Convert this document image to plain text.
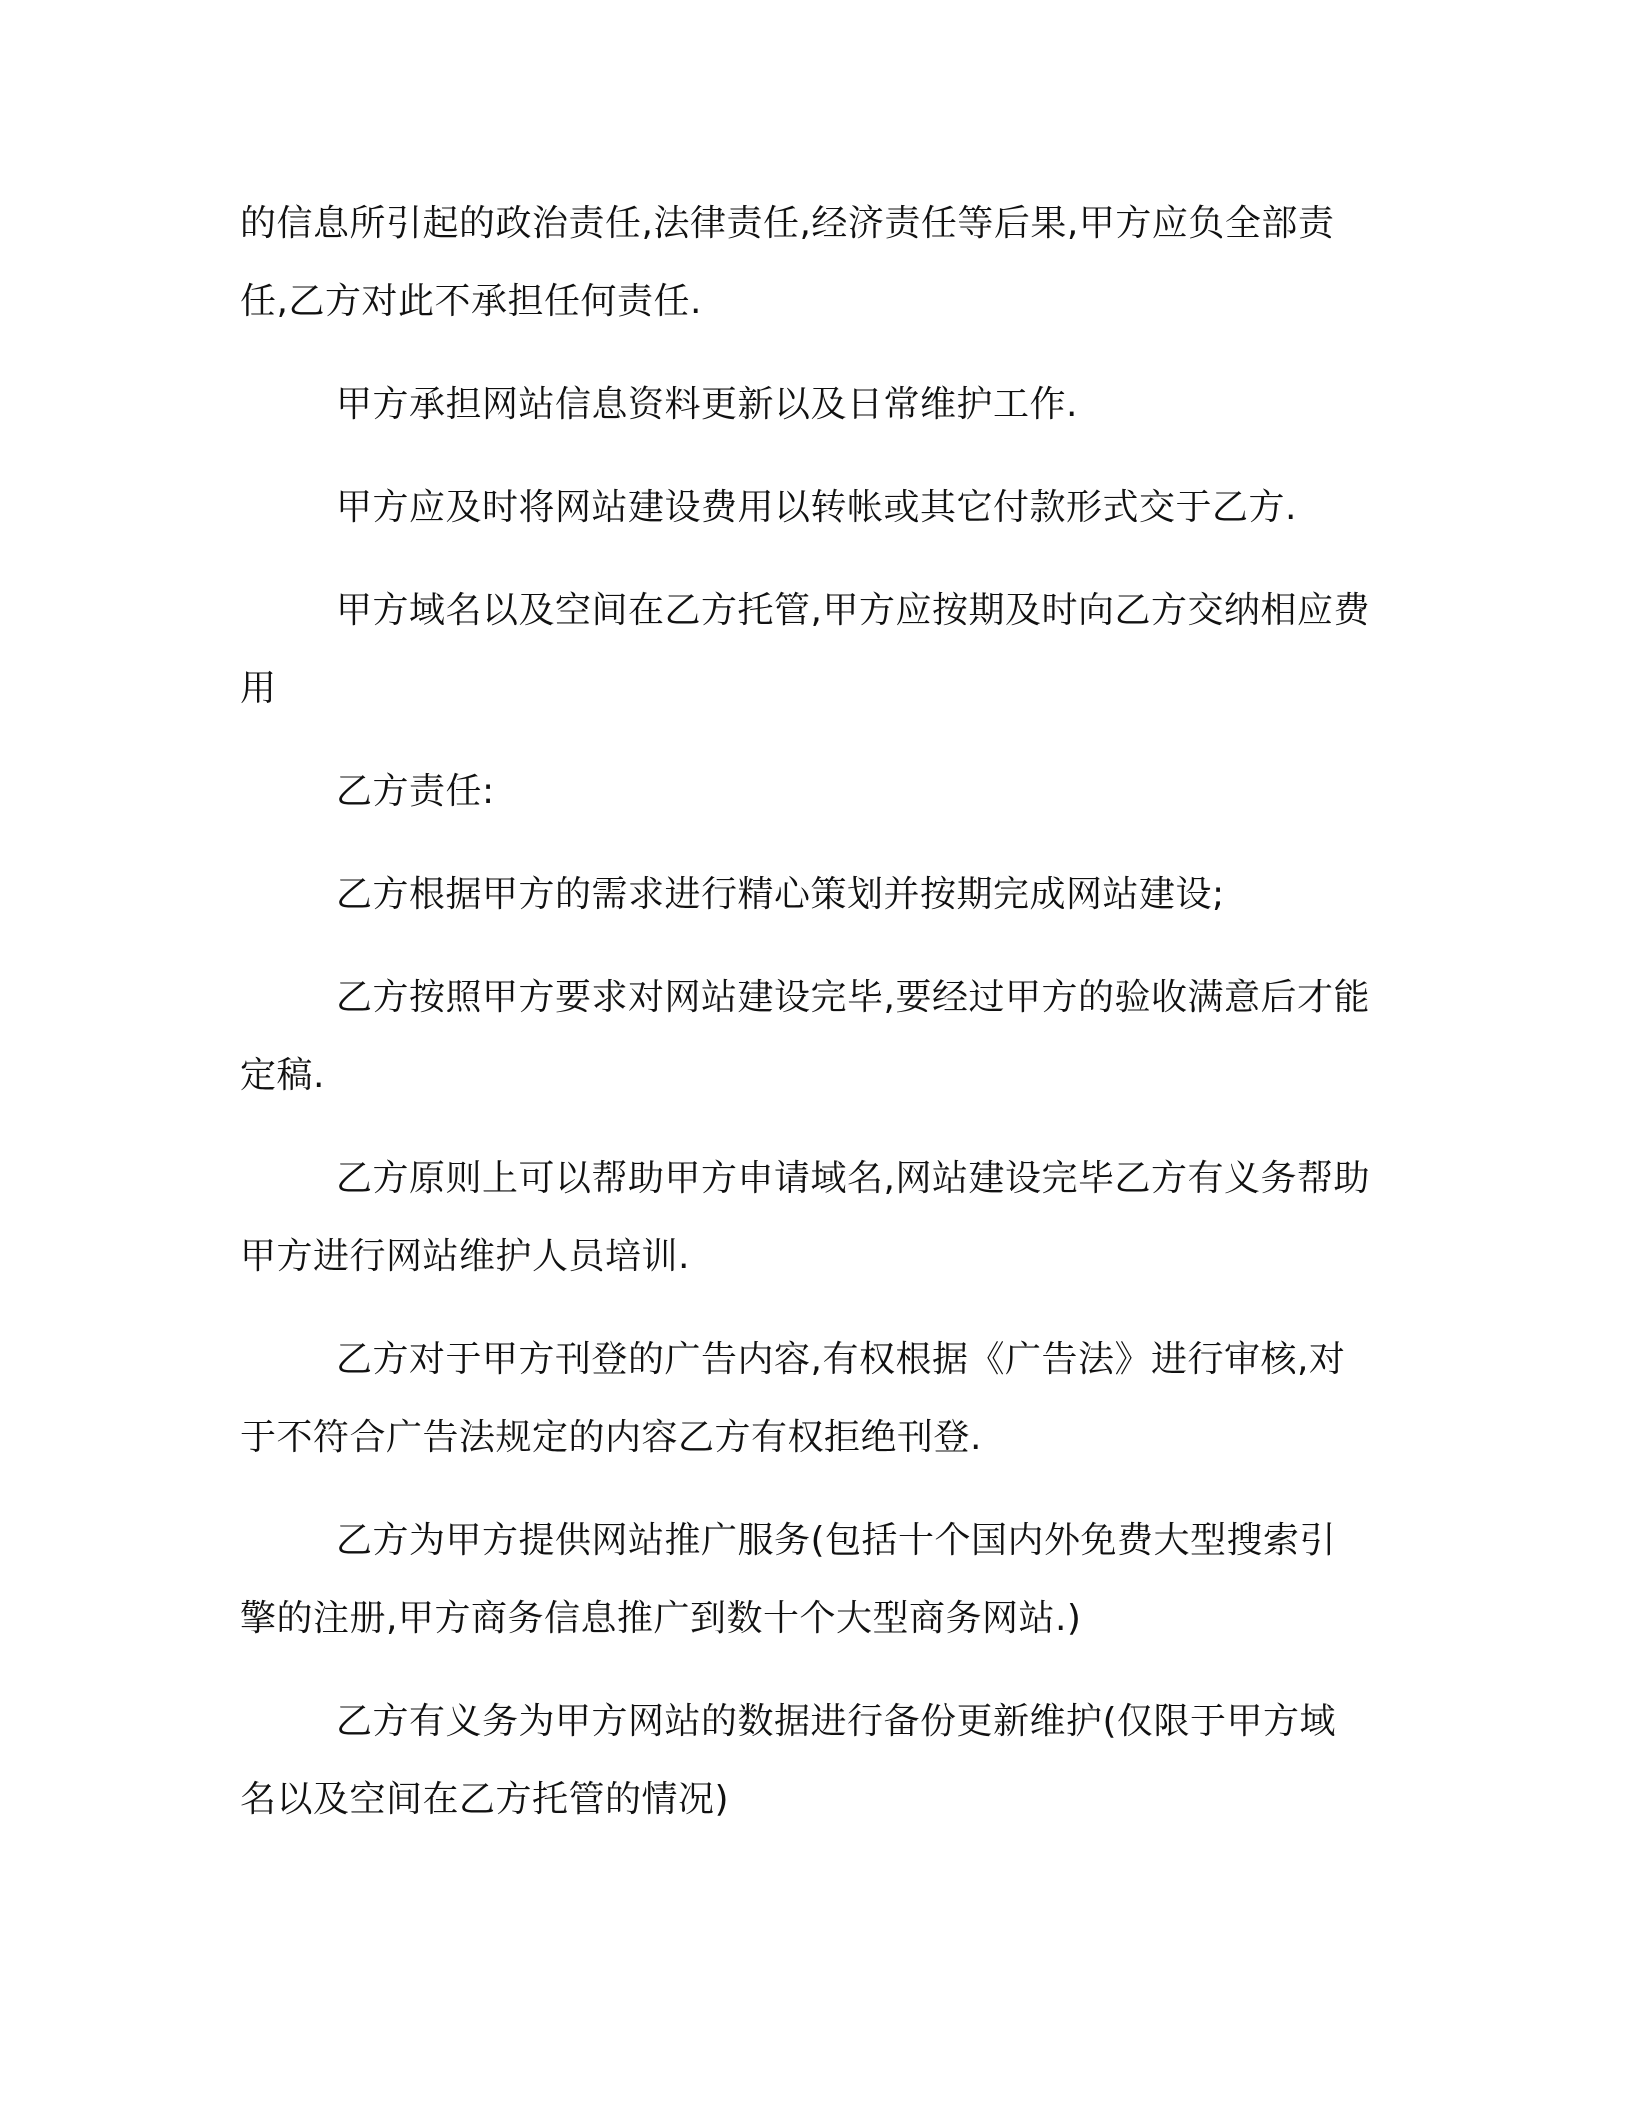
的信息所引起的政治责任,法律责任,经济责任等后果,甲方应负全部责任,乙方对此不承担任何责任.

甲方承担网站信息资料更新以及日常维护工作.

甲方应及时将网站建设费用以转帐或其它付款形式交于乙方.

甲方域名以及空间在乙方托管,甲方应按期及时向乙方交纳相应费用

乙方责任:

乙方根据甲方的需求进行精心策划并按期完成网站建设;

乙方按照甲方要求对网站建设完毕,要经过甲方的验收满意后才能定稿.

乙方原则上可以帮助甲方申请域名,网站建设完毕乙方有义务帮助甲方进行网站维护人员培训.

乙方对于甲方刊登的广告内容,有权根据《广告法》进行审核,对于不符合广告法规定的内容乙方有权拒绝刊登.

乙方为甲方提供网站推广服务(包括十个国内外免费大型搜索引擎的注册,甲方商务信息推广到数十个大型商务网站.)

乙方有义务为甲方网站的数据进行备份更新维护(仅限于甲方域名以及空间在乙方托管的情况)
